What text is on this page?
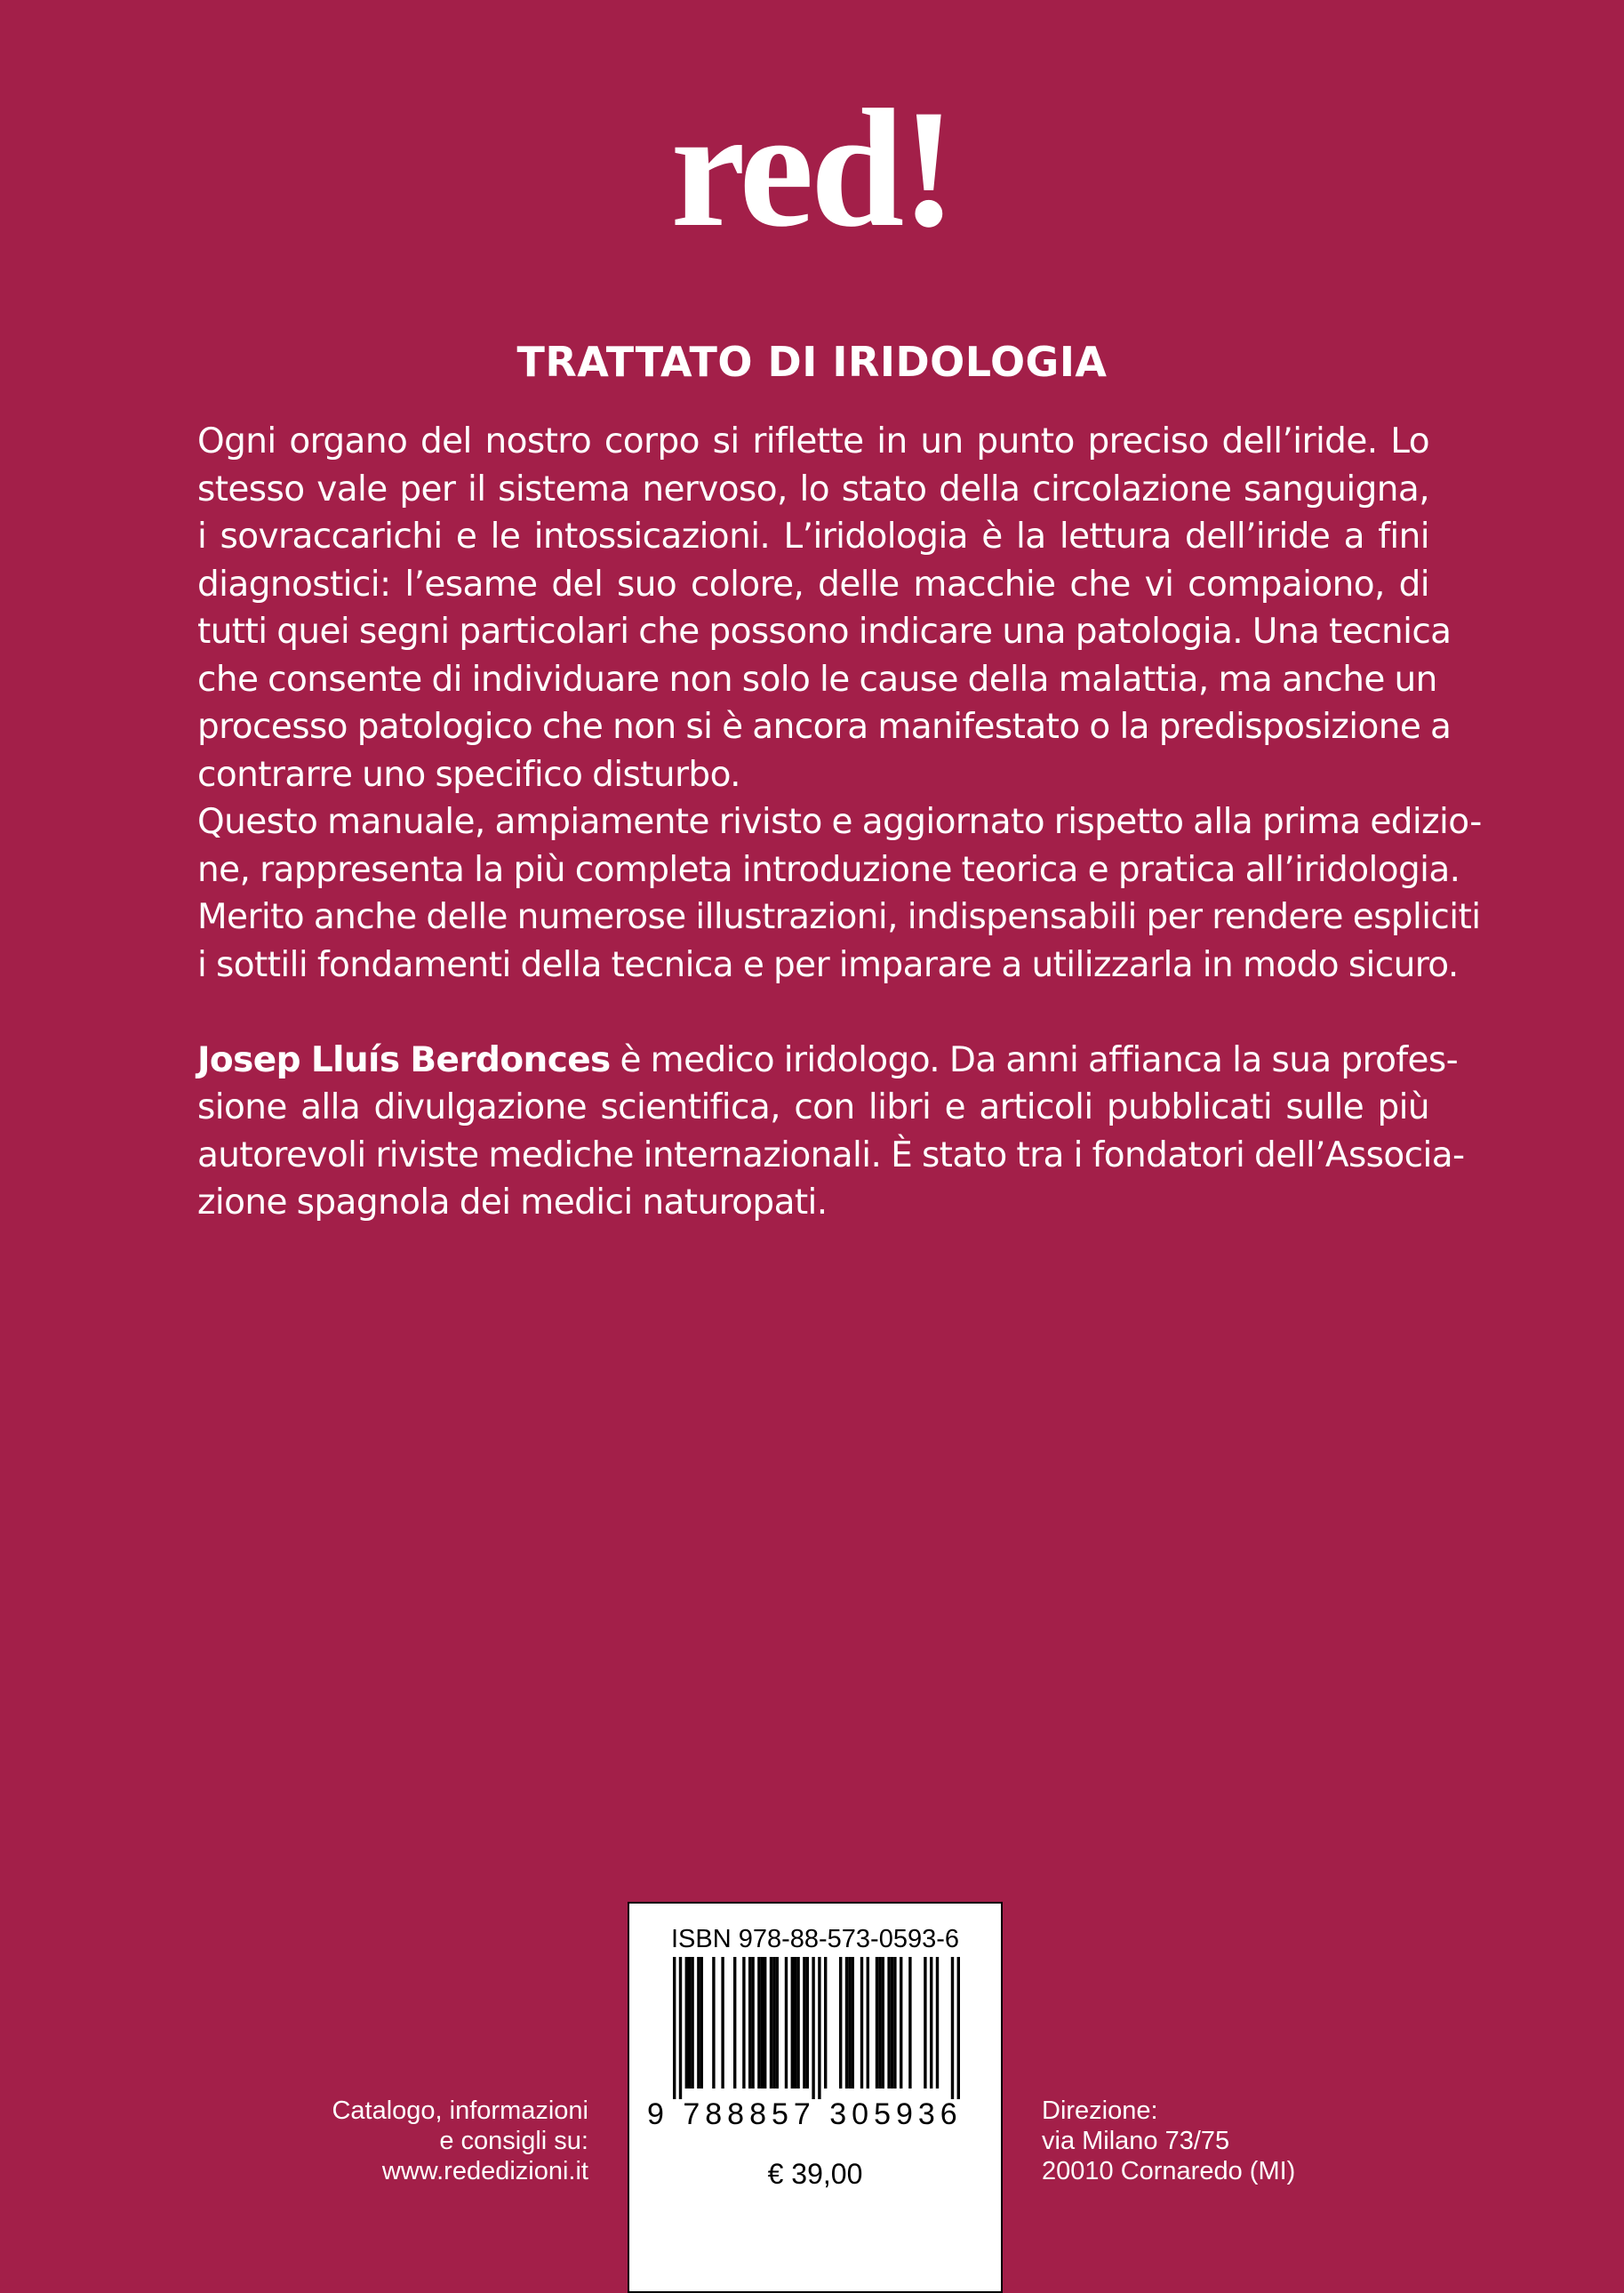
red!
TRATTATO DI IRIDOLOGIA

Ogni organo del nostro corpo si riflette in un punto preciso dell’iride. Lo

stesso vale per il sistema nervoso, lo stato della circolazione sanguigna,

i sovraccarichi e le intossicazioni. L’iridologia è la lettura dell’iride a fini

diagnostici: l’esame del suo colore, delle macchie che vi compaiono, di

tutti quei segni particolari che possono indicare una patologia. Una tecnica

che consente di individuare non solo le cause della malattia, ma anche un

processo patologico che non si è ancora manifestato o la predisposizione a

contrarre uno specifico disturbo.

Questo manuale, ampiamente rivisto e aggiornato rispetto alla prima edizio-

ne, rappresenta la più completa introduzione teorica e pratica all’iridologia.

Merito anche delle numerose illustrazioni, indispensabili per rendere espliciti

i sottili fondamenti della tecnica e per imparare a utilizzarla in modo sicuro.

Josep Lluís Berdonces è medico iridologo. Da anni affianca la sua profes-

sione alla divulgazione scientifica, con libri e articoli pubblicati sulle più

autorevoli riviste mediche internazionali. È stato tra i fondatori dell’Associa-

zione spagnola dei medici naturopati.

Catalogo, informazioni
e consigli su:
www.rededizioni.it
ISBN 978-88-573-0593-6
9 788857 305936
€ 39,00
Direzione:
via Milano 73/75
20010 Cornaredo (MI)
